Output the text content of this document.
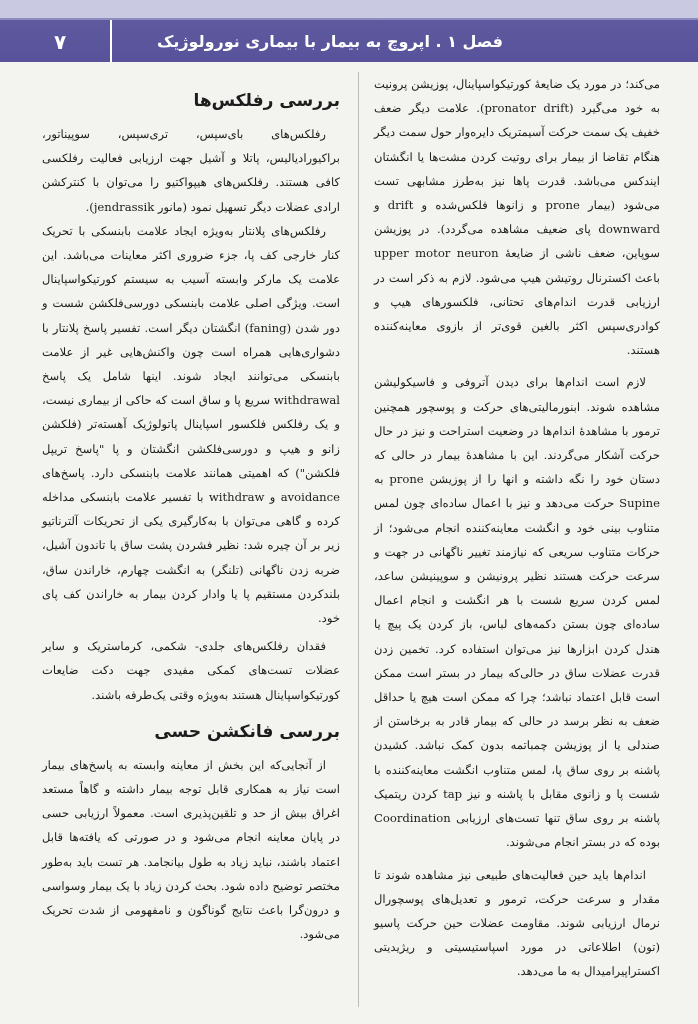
فصل ۱ . اپروچ به بیمار با بیماری نورولوژیک
۷

می‌کند؛ در مورد یک ضایعهٔ کورتیکواسپاینال، پوزیشن پرونیت به خود می‌گیرد (pronator drift). علامت دیگر ضعف خفیف یک سمت حرکت آسیمتریک دایره‌وار حول سمت دیگر هنگام تقاضا از بیمار برای روتیت کردن مشت‌ها یا انگشتان ایندکس می‌باشد. قدرت پاها نیز به‌طرز مشابهی تست می‌شود (بیمار prone و زانوها فلکس‌شده و drift و downward پای ضعیف مشاهده می‌گردد). در پوزیشن سوپاین، ضعف ناشی از ضایعهٔ upper motor neuron باعث اکسترنال روتیشن هیپ می‌شود. لازم به ذکر است در ارزیابی قدرت اندام‌های تحتانی، فلکسورهای هیپ و کوادری‌سپس اکثر بالغین قوی‌تر از بازوی معاینه‌کننده هستند.

لازم است اندام‌ها برای دیدن آتروفی و فاسیکولیشن مشاهده شوند. ابنورمالیتی‌های حرکت و پوسچور همچنین ترمور با مشاهدهٔ اندام‌ها در وضعیت استراحت و نیز در حال حرکت آشکار می‌گردند. این با مشاهدهٔ بیمار در حالی که دستان خود را نگه داشته و انها را از پوزیشن prone به Supine حرکت می‌دهد و نیز با اعمال ساده‌ای چون لمس متناوب بینی خود و انگشت معاینه‌کننده انجام می‌شود؛ از حرکات متناوب سریعی که نیازمند تغییر ناگهانی در جهت و سرعت حرکت هستند نظیر پرونیشن و سوپینیشن ساعد، لمس کردن سریع شست با هر انگشت و انجام اعمال ساده‌ای چون بستن دکمه‌های لباس، باز کردن یک پیچ یا هندل کردن ابزارها نیز می‌توان استفاده کرد. تخمین زدن قدرت عضلات ساق در حالی‌که بیمار در بستر است ممکن است قابل اعتماد نباشد؛ چرا که ممکن است هیچ یا حداقل ضعف به نظر برسد در حالی که بیمار قادر به برخاستن از صندلی یا از پوزیشن چمباتمه بدون کمک نباشد. کشیدن پاشنه بر روی ساق پا، لمس متناوب انگشت معاینه‌کننده با شست پا و زانوی مقابل با پاشنه و نیز tap کردن ریتمیک پاشنه بر روی ساق تنها تست‌های ارزیابی Coordination بوده که در بستر انجام می‌شوند.

اندام‌ها باید حین فعالیت‌های طبیعی نیز مشاهده شوند تا مقدار و سرعت حرکت، ترمور و تعدیل‌های پوسچورال نرمال ارزیابی شوند. مقاومت عضلات حین حرکت پاسیو (تون) اطلاعاتی در مورد اسپاستیسیتی و ریژیدیتی اکستراپیرامیدال به ما می‌دهد.

بررسی رفلکس‌ها

رفلکس‌های بای‌سپس، تری‌سپس، سوپیناتور، براکیورادیالیس، پاتلا و آشیل جهت ارزیابی فعالیت رفلکسی کافی هستند. رفلکس‌های هیپواکتیو را می‌توان با کنترکشن ارادی عضلات دیگر تسهیل نمود (مانور jendrassik).

رفلکس‌های پلانتار به‌ویژه ایجاد علامت بابنسکی با تحریک کنار خارجی کف پا، جزء ضروری اکثر معاینات می‌باشد. این علامت یک مارکر وابسته آسیب به سیستم کورتیکواسپاینال است. ویژگی اصلی علامت بابنسکی دورسی‌فلکشن شست و دور شدن (faning) انگشتان دیگر است. تفسیر پاسخ پلانتار با دشواری‌هایی همراه است چون واکنش‌هایی غیر از علامت بابنسکی می‌توانند ایجاد شوند. اینها شامل یک پاسخ withdrawal سریع پا و ساق است که حاکی از بیماری نیست، و یک رفلکس فلکسور اسپاینال پاتولوژیک آهسته‌تر (فلکشن زانو و هیپ و دورسی‌فلکشن انگشتان و پا "پاسخ تریپل فلکشن") که اهمیتی همانند علامت بابنسکی دارد. پاسخ‌های avoidance و withdraw با تفسیر علامت بابنسکی مداخله کرده و گاهی می‌توان با به‌کارگیری یکی از تحریکات آلترناتیو زیر بر آن چیره شد: نظیر فشردن پشت ساق یا تاندون آشیل، ضربه زدن ناگهانی (تلنگر) به انگشت چهارم، خاراندن ساق، بلندکردن مستقیم پا یا وادار کردن بیمار به خاراندن کف پای خود.

فقدان رفلکس‌های جلدی- شکمی، کرماستریک و سایر عضلات تست‌های کمکی مفیدی جهت دکت ضایعات کورتیکواسپاینال هستند به‌ویژه وقتی یک‌طرفه باشند.

بررسی فانکشن حسی

از آنجایی‌که این بخش از معاینه وابسته به پاسخ‌های بیمار است نیاز به همکاری قابل توجه بیمار داشته و گاهاً مستعد اغراق بیش از حد و تلقین‌پذیری است. معمولاً ارزیابی حسی در پایان معاینه انجام می‌شود و در صورتی که یافته‌ها قابل اعتماد باشند، نباید زیاد به طول بیانجامد. هر تست باید به‌طور مختصر توضیح داده شود. بحث کردن زیاد با یک بیمار وسواسی و درون‌گرا باعث نتایج گوناگون و نامفهومی از شدت تحریک می‌شود.
